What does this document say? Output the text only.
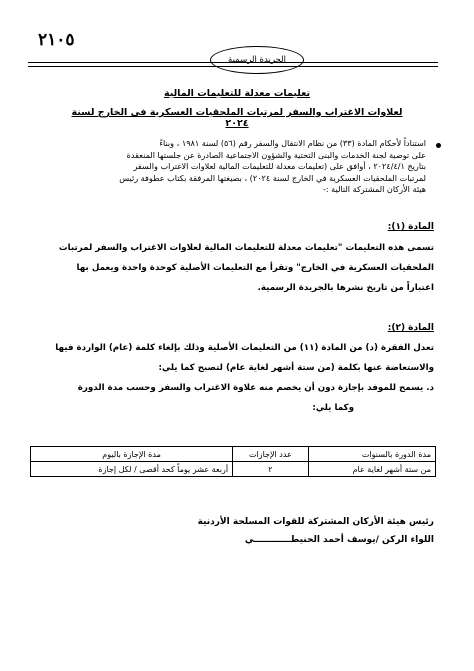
٢١٠٥
الجريدة الرسمية
تعليمات معدلة للتعليمات المالية
لعلاوات الاغتراب والسفر لمرتبات الملحقيات العسكرية في الخارج لسنة ٢٠٢٤
استناداً لأحكام المادة (٣٣) من نظام الانتقال والسفر رقم (٥٦) لسنة ١٩٨١ ، وبناءً
على توصية لجنة الخدمات والبنى التحتية والشؤون الاجتماعية الصادرة عن جلستها المنعقدة
بتاريخ ٢٠٢٤/٤/١ ، أوافق على (تعليمات معدلة للتعليمات المالية لعلاوات الاغتراب والسفر
لمرتبات الملحقيات العسكرية في الخارج لسنة ٢٠٢٤) ، بصيغتها المرفقة بكتاب عطوفة رئيس
هيئة الأركان المشتركة التالية :-
المادة (١):
تسمى هذه التعليمات "تعليمات معدلة للتعليمات المالية لعلاوات الاغتراب والسفر لمرتبات
الملحقيات العسكرية في الخارج" وتقرأ مع التعليمات الأصلية كوحدة واحدة ويعمل بها
اعتباراً من تاريخ نشرها بالجريدة الرسمية.
المادة (٢):
تعدل الفقرة (د) من المادة (١١) من التعليمات الأصلية وذلك بإلغاء كلمة (عام) الواردة فيها
والاستعاضة عنها بكلمة (من ستة أشهر لغاية عام) لتصبح كما يلي:
د. يسمح للموفد بإجازة دون أن يخصم منه علاوة الاغتراب والسفر وحسب مدة الدورة
وكما يلي:
مدة الدورة بالسنوات	عدد الإجازات	مدة الإجازة باليوم
من ستة أشهر لغاية عام	٢	أربعة عشر يوماً كحد أقصى / لكل إجازة
رئيس هيئة الأركان المشتركة للقوات المسلحة الأردنية
اللواء الركن /يوسف أحمد الحنيطــــــــــــي
